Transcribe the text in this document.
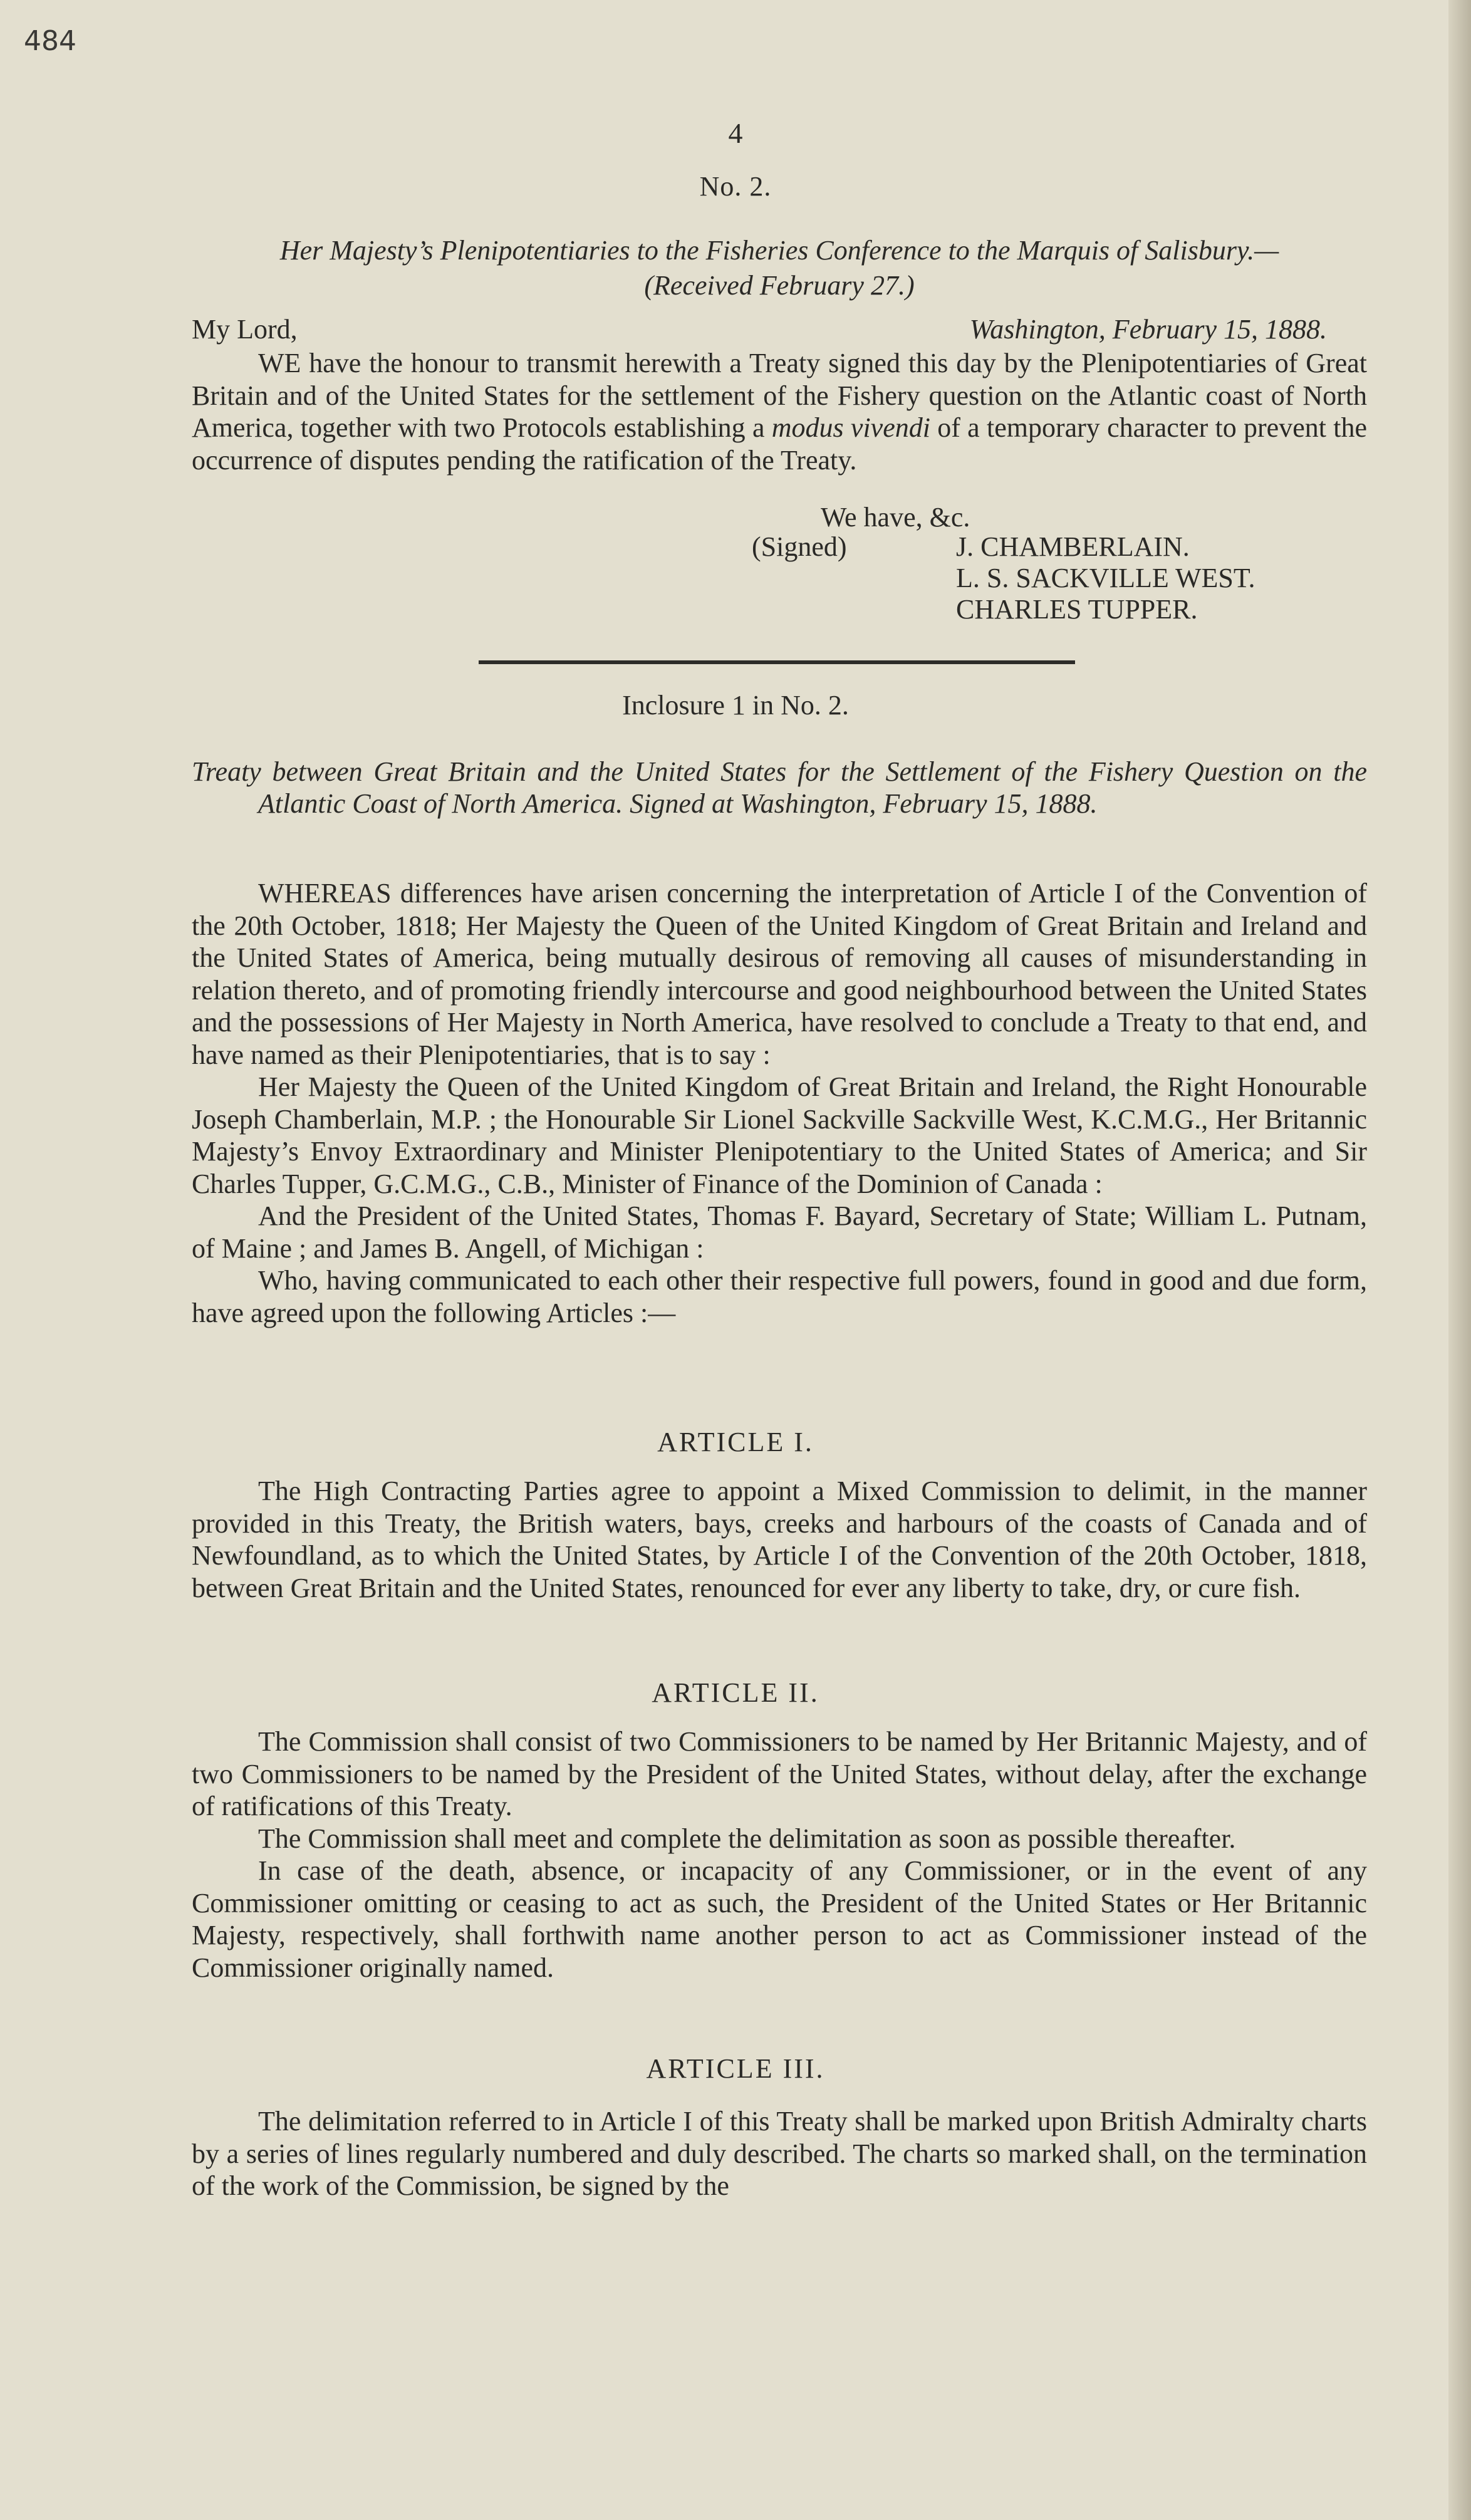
484
4
No. 2.
Her Majesty’s Plenipotentiaries to the Fisheries Conference to the Marquis of Salisbury.—
(Received February 27.)
My Lord,	Washington, February 15, 1888.

WE have the honour to transmit herewith a Treaty signed this day by the Plenipotentiaries of Great Britain and of the United States for the settlement of the Fishery question on the Atlantic coast of North America, together with two Protocols establishing a modus vivendi of a temporary character to prevent the occurrence of disputes pending the ratification of the Treaty.

We have, &c.
(Signed)	J. CHAMBERLAIN.
L. S. SACKVILLE WEST.
CHARLES TUPPER.
Inclosure 1 in No. 2.
Treaty between Great Britain and the United States for the Settlement of the Fishery Question on the Atlantic Coast of North America. Signed at Washington, February 15, 1888.

WHEREAS differences have arisen concerning the interpretation of Article I of the Convention of the 20th October, 1818; Her Majesty the Queen of the United Kingdom of Great Britain and Ireland and the United States of America, being mutually desirous of removing all causes of misunderstanding in relation thereto, and of promoting friendly intercourse and good neighbourhood between the United States and the possessions of Her Majesty in North America, have resolved to conclude a Treaty to that end, and have named as their Plenipotentiaries, that is to say :

Her Majesty the Queen of the United Kingdom of Great Britain and Ireland, the Right Honourable Joseph Chamberlain, M.P. ; the Honourable Sir Lionel Sackville Sackville West, K.C.M.G., Her Britannic Majesty’s Envoy Extraordinary and Minister Plenipotentiary to the United States of America; and Sir Charles Tupper, G.C.M.G., C.B., Minister of Finance of the Dominion of Canada :

And the President of the United States, Thomas F. Bayard, Secretary of State; William L. Putnam, of Maine ; and James B. Angell, of Michigan :

Who, having communicated to each other their respective full powers, found in good and due form, have agreed upon the following Articles :—

ARTICLE I.

The High Contracting Parties agree to appoint a Mixed Commission to delimit, in the manner provided in this Treaty, the British waters, bays, creeks and harbours of the coasts of Canada and of Newfoundland, as to which the United States, by Article I of the Convention of the 20th October, 1818, between Great Britain and the United States, renounced for ever any liberty to take, dry, or cure fish.

ARTICLE II.

The Commission shall consist of two Commissioners to be named by Her Britannic Majesty, and of two Commissioners to be named by the President of the United States, without delay, after the exchange of ratifications of this Treaty.

The Commission shall meet and complete the delimitation as soon as possible thereafter.

In case of the death, absence, or incapacity of any Commissioner, or in the event of any Commissioner omitting or ceasing to act as such, the President of the United States or Her Britannic Majesty, respectively, shall forthwith name another person to act as Commissioner instead of the Commissioner originally named.

ARTICLE III.

The delimitation referred to in Article I of this Treaty shall be marked upon British Admiralty charts by a series of lines regularly numbered and duly described. The charts so marked shall, on the termination of the work of the Commission, be signed by the
